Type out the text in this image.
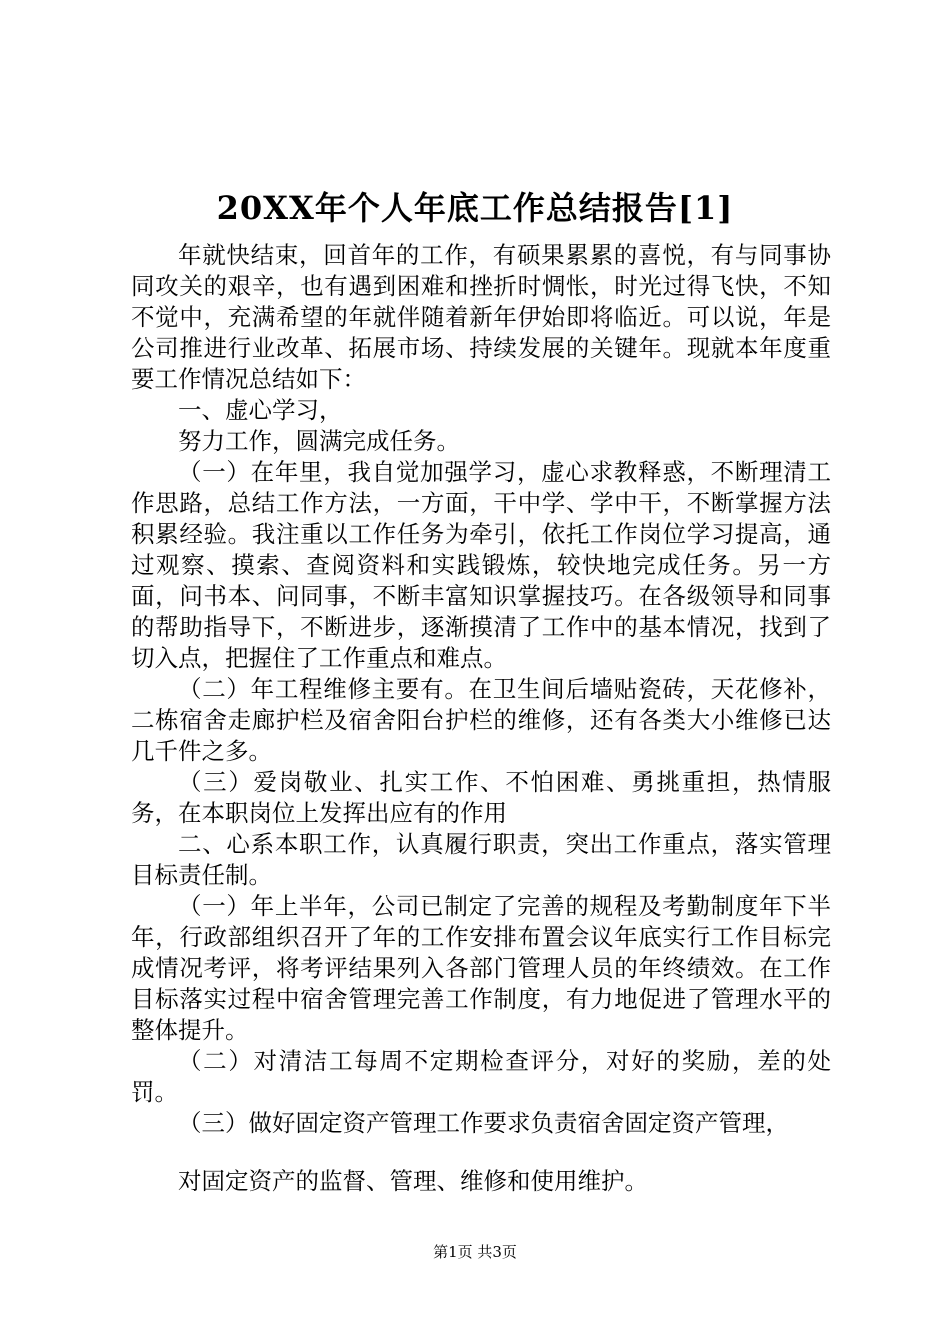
20XX年个人年底工作总结报告[1]

年就快结束，回首年的工作，有硕果累累的喜悦，有与同事协同攻关的艰辛，也有遇到困难和挫折时惆怅，时光过得飞快，不知不觉中，充满希望的年就伴随着新年伊始即将临近。可以说，年是公司推进行业改革、拓展市场、持续发展的关键年。现就本年度重要工作情况总结如下：

一、虚心学习，

努力工作，圆满完成任务。

（一）在年里，我自觉加强学习，虚心求教释惑，不断理清工作思路，总结工作方法，一方面，干中学、学中干，不断掌握方法积累经验。我注重以工作任务为牵引，依托工作岗位学习提高，通过观察、摸索、查阅资料和实践锻炼，较快地完成任务。另一方面，问书本、问同事，不断丰富知识掌握技巧。在各级领导和同事的帮助指导下，不断进步，逐渐摸清了工作中的基本情况，找到了切入点，把握住了工作重点和难点。

（二）年工程维修主要有。在卫生间后墙贴瓷砖，天花修补，二栋宿舍走廊护栏及宿舍阳台护栏的维修，还有各类大小维修已达几千件之多。

（三）爱岗敬业、扎实工作、不怕困难、勇挑重担，热情服务，在本职岗位上发挥出应有的作用

二、心系本职工作，认真履行职责，突出工作重点，落实管理目标责任制。

（一）年上半年，公司已制定了完善的规程及考勤制度年下半年，行政部组织召开了年的工作安排布置会议年底实行工作目标完成情况考评，将考评结果列入各部门管理人员的年终绩效。在工作目标落实过程中宿舍管理完善工作制度，有力地促进了管理水平的整体提升。

（二）对清洁工每周不定期检查评分，对好的奖励，差的处罚。

（三）做好固定资产管理工作要求负责宿舍固定资产管理，

对固定资产的监督、管理、维修和使用维护。

第1页 共3页
